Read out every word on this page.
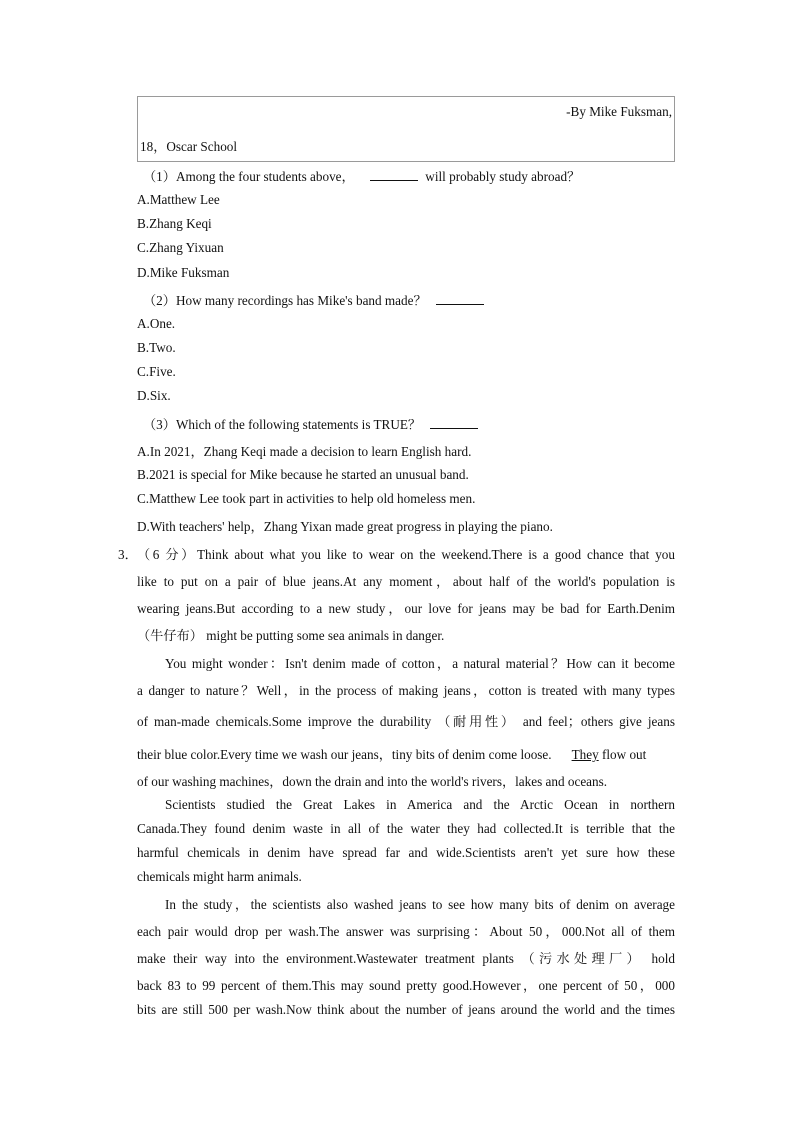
-By Mike Fuksman,
18，Oscar School
（1）Among the four students above，	will probably study abroad？
A.Matthew Lee
B.Zhang Keqi
C.Zhang Yixuan
D.Mike Fuksman
（2）How many recordings has Mike's band made？
A.One.
B.Two.
C.Five.
D.Six.
（3）Which of the following statements is TRUE？
A.In 2021，Zhang Keqi made a decision to learn English hard.
B.2021 is special for Mike because he started an unusual band.
C.Matthew Lee took part in activities to help old homeless men.
D.With teachers' help，Zhang Yixan made great progress in playing the piano.
3． （6 分）Think about what you like to wear on the weekend.There is a good chance that you
like to put on a pair of blue jeans.At any moment，about half of the world's population is
wearing jeans.But according to a new study，our love for jeans may be bad for Earth.Denim
（牛仔布） might be putting some sea animals in danger.
You might wonder：Isn't denim made of cotton，a natural material？How can it become
a danger to nature？Well，in the process of making jeans，cotton is treated with many types
of man-made chemicals.Some improve the durability （耐用性） and feel；others give jeans
their blue color.Every time we wash our jeans，tiny bits of denim come loose. They flow out
of our washing machines，down the drain and into the world's rivers，lakes and oceans.
Scientists studied the Great Lakes in America and the Arctic Ocean in northern
Canada.They found denim waste in all of the water they had collected.It is terrible that the
harmful chemicals in denim have spread far and wide.Scientists aren't yet sure how these
chemicals might harm animals.
In the study，the scientists also washed jeans to see how many bits of denim on average
each pair would drop per wash.The answer was surprising：About 50，000.Not all of them
make their way into the environment.Wastewater treatment plants （污水处理厂） hold
back 83 to 99 percent of them.This may sound pretty good.However，one percent of 50，000
bits are still 500 per wash.Now think about the number of jeans around the world and the times
